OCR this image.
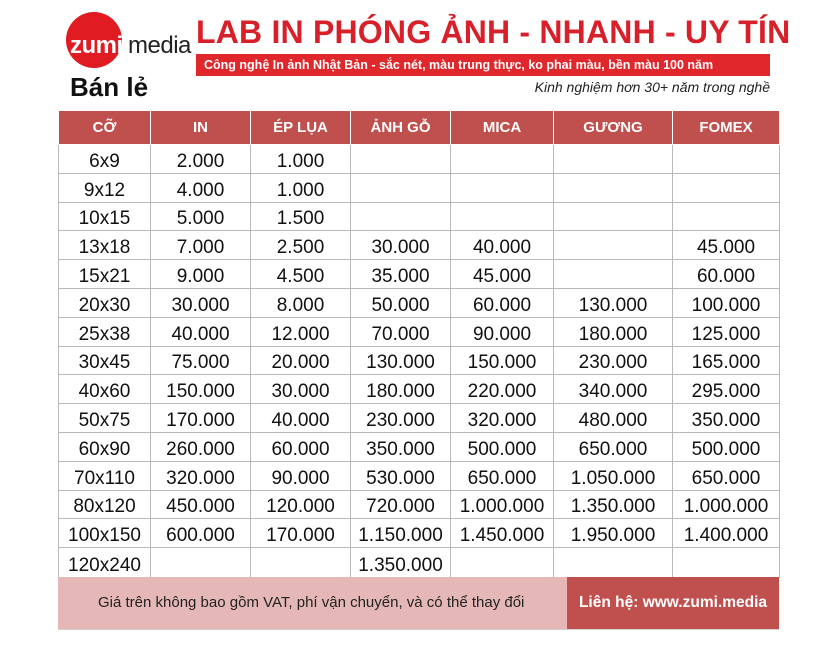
zumi media
Bán lẻ
LAB IN PHÓNG ẢNH - NHANH - UY TÍN
Công nghệ In ảnh Nhật Bản - sắc nét, màu trung thực, ko phai màu, bền màu 100 năm
Kinh nghiệm hơn 30+ năm trong nghề
CỠ	IN	ÉP LỤA	ẢNH GỖ	MICA	GƯƠNG	FOMEX
6x9	2.000	1.000				
9x12	4.000	1.000				
10x15	5.000	1.500				
13x18	7.000	2.500	30.000	40.000		45.000
15x21	9.000	4.500	35.000	45.000		60.000
20x30	30.000	8.000	50.000	60.000	130.000	100.000
25x38	40.000	12.000	70.000	90.000	180.000	125.000
30x45	75.000	20.000	130.000	150.000	230.000	165.000
40x60	150.000	30.000	180.000	220.000	340.000	295.000
50x75	170.000	40.000	230.000	320.000	480.000	350.000
60x90	260.000	60.000	350.000	500.000	650.000	500.000
70x110	320.000	90.000	530.000	650.000	1.050.000	650.000
80x120	450.000	120.000	720.000	1.000.000	1.350.000	1.000.000
100x150	600.000	170.000	1.150.000	1.450.000	1.950.000	1.400.000
120x240			1.350.000			
Giá trên không bao gồm VAT, phí vận chuyển, và có thể thay đổi	Liên hệ: www.zumi.media
